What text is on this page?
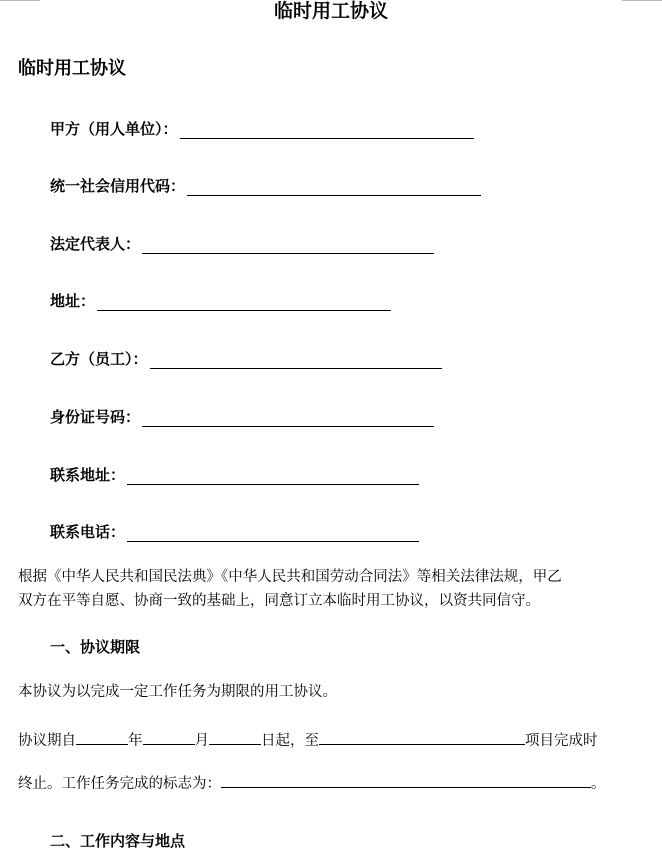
临时用工协议
临时用工协议
甲方（用人单位）：
统一社会信用代码：
法定代表人：
地址：
乙方（员工）：
身份证号码：
联系地址：
联系电话：
根据《中华人民共和国民法典》《中华人民共和国劳动合同法》等相关法律法规，甲乙
双方在平等自愿、协商一致的基础上，同意订立本临时用工协议，以资共同信守。
一、协议期限
本协议为以完成一定工作任务为期限的用工协议。
协议期自	年	月	日起，至	项目完成时
终止。工作任务完成的标志为：	。
二、工作内容与地点
